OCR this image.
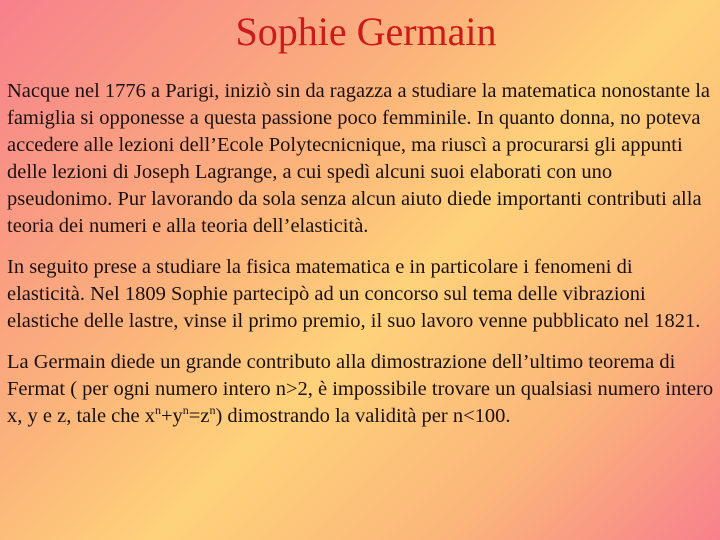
Sophie Germain

Nacque nel 1776 a Parigi, iniziò sin da ragazza a studiare la matematica nonostante la famiglia si opponesse a questa passione poco femminile. In quanto donna, no poteva accedere alle lezioni dell’Ecole Polytecnicnique, ma riuscì a procurarsi gli appunti delle lezioni di Joseph Lagrange, a cui spedì alcuni suoi elaborati con uno pseudonimo. Pur lavorando da sola senza alcun aiuto diede importanti contributi alla teoria dei numeri e alla teoria dell’elasticità.

In seguito prese a studiare la fisica matematica e in particolare i fenomeni di elasticità. Nel 1809 Sophie partecipò ad un concorso sul tema delle vibrazioni elastiche delle lastre, vinse il primo premio, il suo lavoro venne pubblicato nel 1821.

La Germain diede un grande contributo alla dimostrazione dell’ultimo teorema di Fermat ( per ogni numero intero n>2, è impossibile trovare un qualsiasi numero intero x, y e z, tale che $x^n+y^n=z^n$) dimostrando la validità per n<100.
